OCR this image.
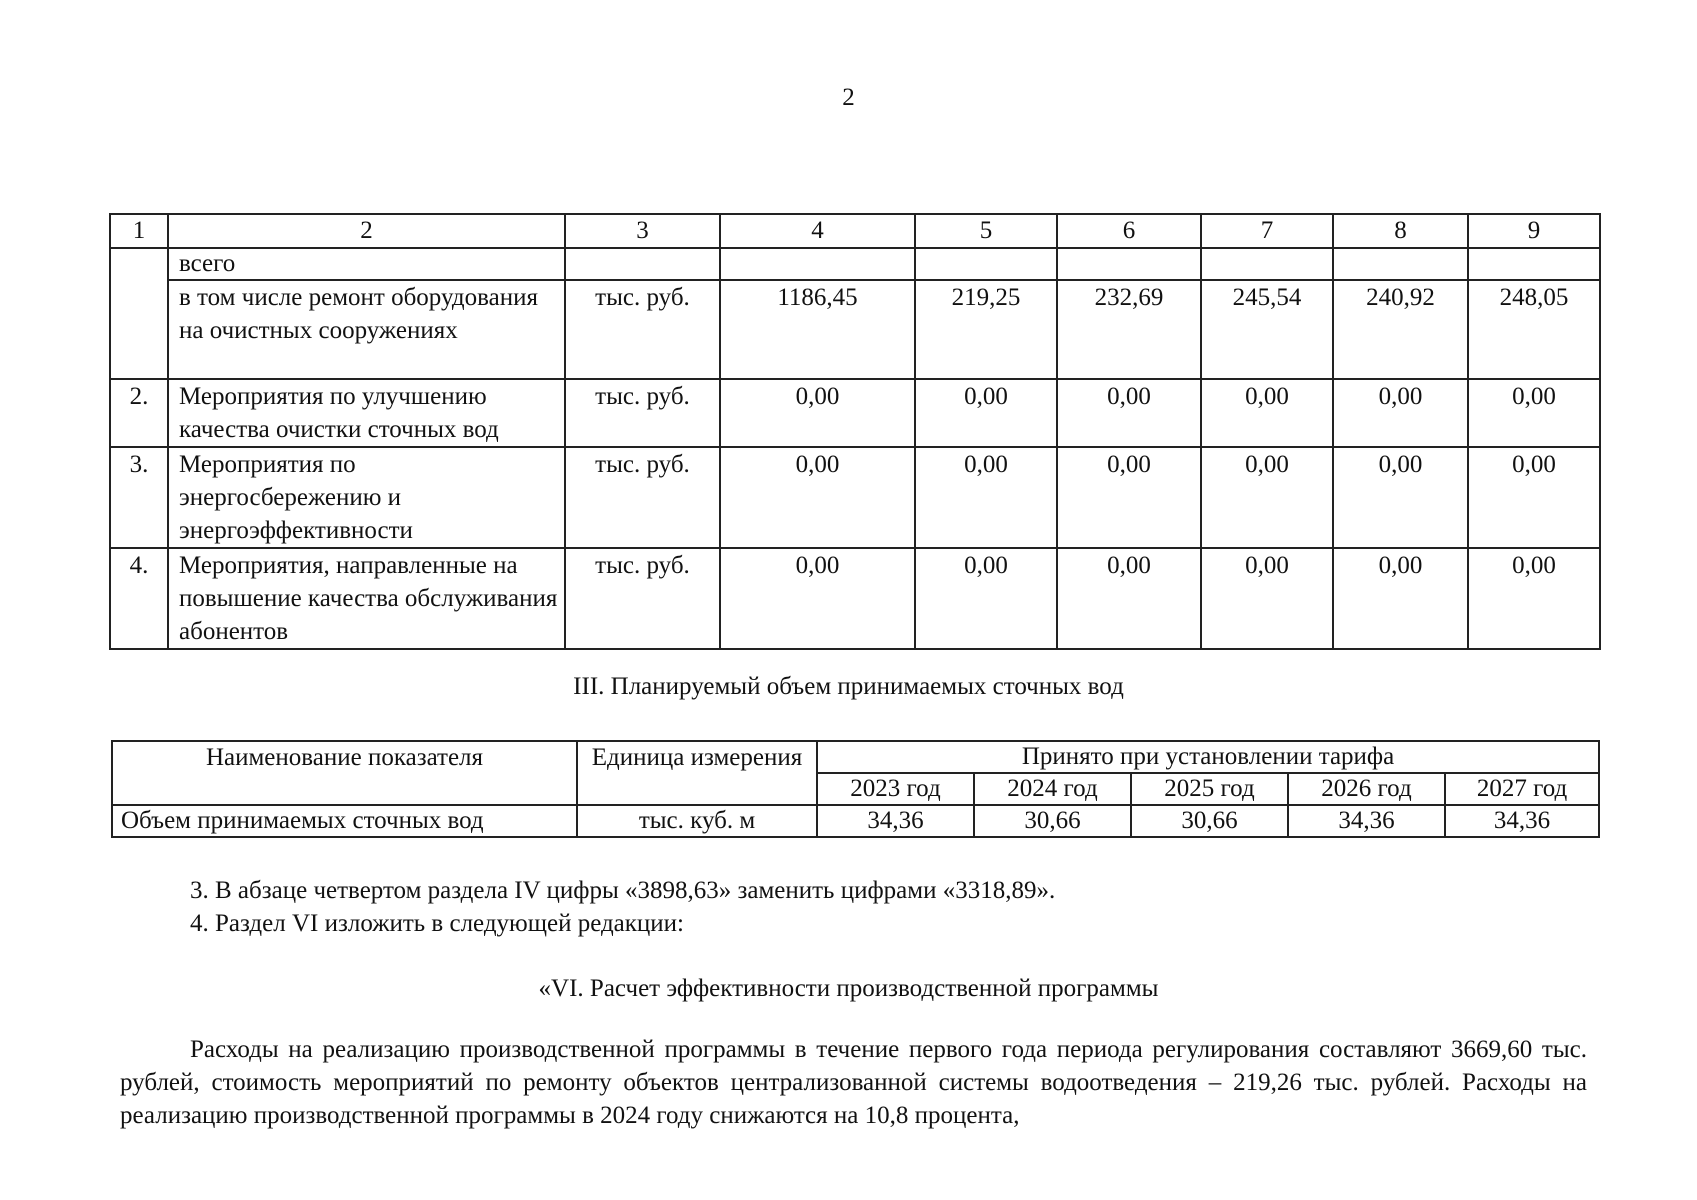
2
1	2	3	4	5	6	7	8	9
	всего							
	в том числе ремонт оборудования на очистных сооружениях	тыс. руб.	1186,45	219,25	232,69	245,54	240,92	248,05
2.	Мероприятия по улучшению качества очистки сточных вод	тыс. руб.	0,00	0,00	0,00	0,00	0,00	0,00
3.	Мероприятия по энергосбережению и энергоэффективности	тыс. руб.	0,00	0,00	0,00	0,00	0,00	0,00
4.	Мероприятия, направленные на повышение качества обслуживания абонентов	тыс. руб.	0,00	0,00	0,00	0,00	0,00	0,00
III. Планируемый объем принимаемых сточных вод
Наименование показателя	Единица измерения	Принято при установлении тарифа				
		2023 год	2024 год	2025 год	2026 год	2027 год
Объем принимаемых сточных вод	тыс. куб. м	34,36	30,66	30,66	34,36	34,36
3. В абзаце четвертом раздела IV цифры «3898,63» заменить цифрами «3318,89».
4. Раздел VI изложить в следующей редакции:
«VI. Расчет эффективности производственной программы
Расходы на реализацию производственной программы в течение первого года периода регулирования составляют 3669,60 тыс. рублей, стоимость мероприятий по ремонту объектов централизованной системы водоотведения – 219,26 тыс. рублей. Расходы на реализацию производственной программы в 2024 году снижаются на 10,8 процента,
